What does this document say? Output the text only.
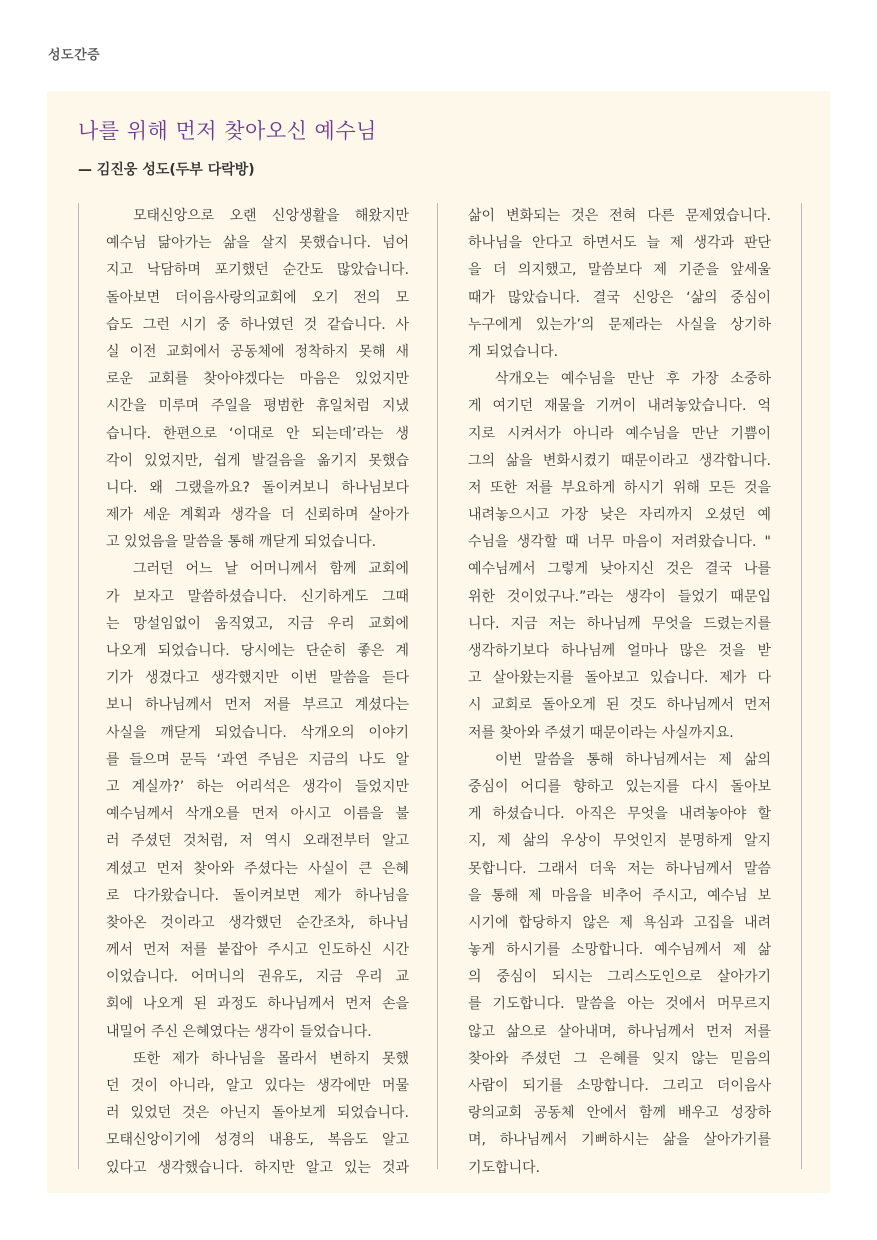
성도간증
나를 위해 먼저 찾아오신 예수님
— 김진웅 성도(두부 다락방)
모태신앙으로 오랜 신앙생활을 해왔지만
예수님 닮아가는 삶을 살지 못했습니다. 넘어
지고 낙담하며 포기했던 순간도 많았습니다.
돌아보면 더이음사랑의교회에 오기 전의 모
습도 그런 시기 중 하나였던 것 같습니다. 사
실 이전 교회에서 공동체에 정착하지 못해 새
로운 교회를 찾아야겠다는 마음은 있었지만
시간을 미루며 주일을 평범한 휴일처럼 지냈
습니다. 한편으로 ‘이대로 안 되는데’라는 생
각이 있었지만, 쉽게 발걸음을 옮기지 못했습
니다. 왜 그랬을까요? 돌이켜보니 하나님보다
제가 세운 계획과 생각을 더 신뢰하며 살아가
고 있었음을 말씀을 통해 깨닫게 되었습니다.
그러던 어느 날 어머니께서 함께 교회에
가 보자고 말씀하셨습니다. 신기하게도 그때
는 망설임없이 움직였고, 지금 우리 교회에
나오게 되었습니다. 당시에는 단순히 좋은 계
기가 생겼다고 생각했지만 이번 말씀을 듣다
보니 하나님께서 먼저 저를 부르고 계셨다는
사실을 깨닫게 되었습니다. 삭개오의 이야기
를 들으며 문득 ‘과연 주님은 지금의 나도 알
고 계실까?’ 하는 어리석은 생각이 들었지만
예수님께서 삭개오를 먼저 아시고 이름을 불
러 주셨던 것처럼, 저 역시 오래전부터 알고
계셨고 먼저 찾아와 주셨다는 사실이 큰 은혜
로 다가왔습니다. 돌이켜보면 제가 하나님을
찾아온 것이라고 생각했던 순간조차, 하나님
께서 먼저 저를 붙잡아 주시고 인도하신 시간
이었습니다. 어머니의 권유도, 지금 우리 교
회에 나오게 된 과정도 하나님께서 먼저 손을
내밀어 주신 은혜였다는 생각이 들었습니다.
또한 제가 하나님을 몰라서 변하지 못했
던 것이 아니라, 알고 있다는 생각에만 머물
러 있었던 것은 아닌지 돌아보게 되었습니다.
모태신앙이기에 성경의 내용도, 복음도 알고
있다고 생각했습니다. 하지만 알고 있는 것과
삶이 변화되는 것은 전혀 다른 문제였습니다.
하나님을 안다고 하면서도 늘 제 생각과 판단
을 더 의지했고, 말씀보다 제 기준을 앞세울
때가 많았습니다. 결국 신앙은 ‘삶의 중심이
누구에게 있는가’의 문제라는 사실을 상기하
게 되었습니다.
삭개오는 예수님을 만난 후 가장 소중하
게 여기던 재물을 기꺼이 내려놓았습니다. 억
지로 시켜서가 아니라 예수님을 만난 기쁨이
그의 삶을 변화시켰기 때문이라고 생각합니다.
저 또한 저를 부요하게 하시기 위해 모든 것을
내려놓으시고 가장 낮은 자리까지 오셨던 예
수님을 생각할 때 너무 마음이 저려왔습니다. "
예수님께서 그렇게 낮아지신 것은 결국 나를
위한 것이었구나.”라는 생각이 들었기 때문입
니다. 지금 저는 하나님께 무엇을 드렸는지를
생각하기보다 하나님께 얼마나 많은 것을 받
고 살아왔는지를 돌아보고 있습니다. 제가 다
시 교회로 돌아오게 된 것도 하나님께서 먼저
저를 찾아와 주셨기 때문이라는 사실까지요.
이번 말씀을 통해 하나님께서는 제 삶의
중심이 어디를 향하고 있는지를 다시 돌아보
게 하셨습니다. 아직은 무엇을 내려놓아야 할
지, 제 삶의 우상이 무엇인지 분명하게 알지
못합니다. 그래서 더욱 저는 하나님께서 말씀
을 통해 제 마음을 비추어 주시고, 예수님 보
시기에 합당하지 않은 제 욕심과 고집을 내려
놓게 하시기를 소망합니다. 예수님께서 제 삶
의 중심이 되시는 그리스도인으로 살아가기
를 기도합니다. 말씀을 아는 것에서 머무르지
않고 삶으로 살아내며, 하나님께서 먼저 저를
찾아와 주셨던 그 은혜를 잊지 않는 믿음의
사람이 되기를 소망합니다. 그리고 더이음사
랑의교회 공동체 안에서 함께 배우고 성장하
며, 하나님께서 기뻐하시는 삶을 살아가기를
기도합니다.
